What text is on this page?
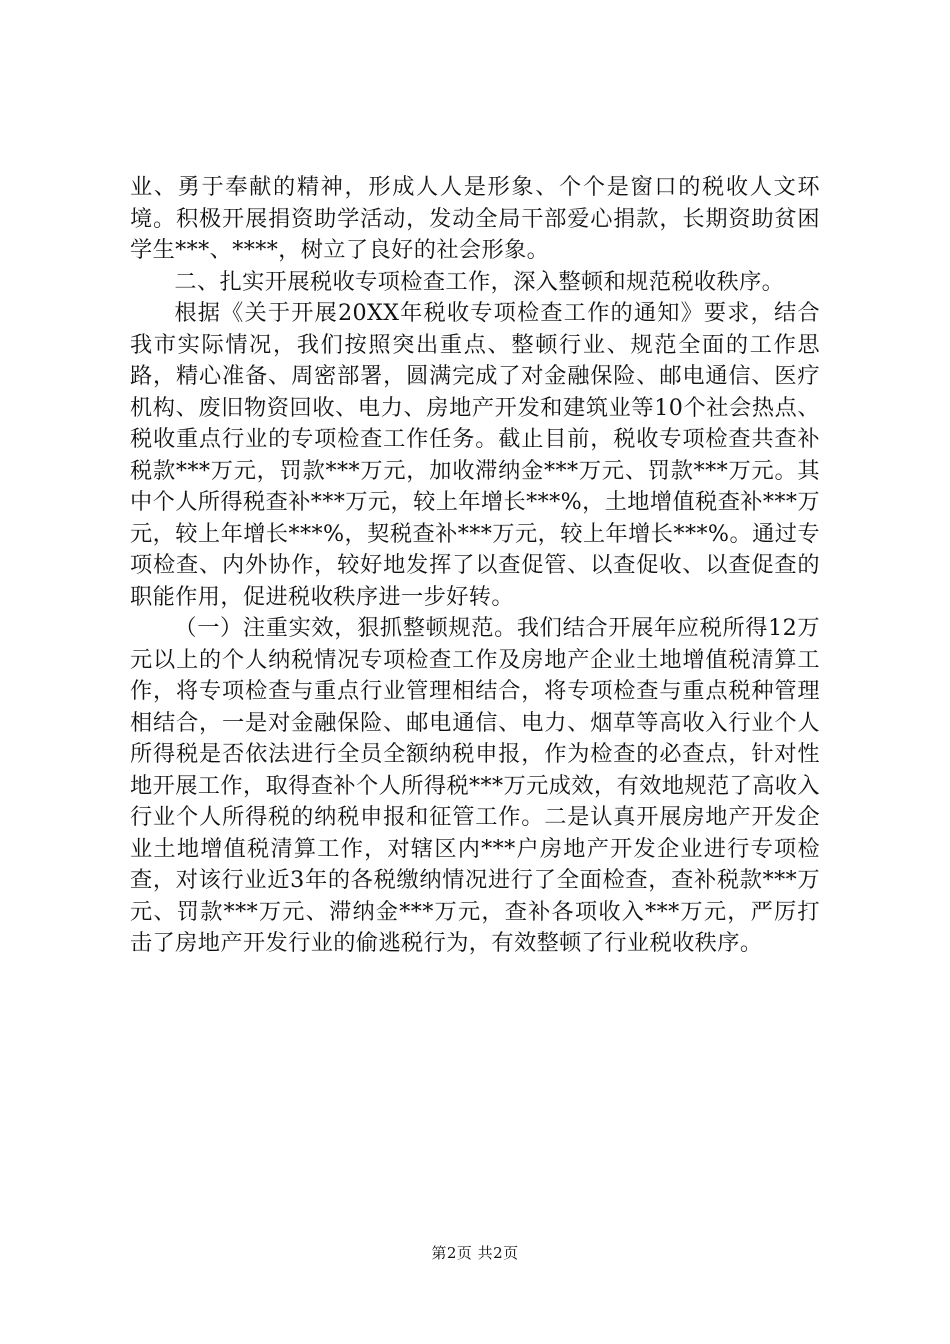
业、勇于奉献的精神，形成人人是形象、个个是窗口的税收人文环境。积极开展捐资助学活动，发动全局干部爱心捐款，长期资助贫困学生***、****，树立了良好的社会形象。

二、扎实开展税收专项检查工作，深入整顿和规范税收秩序。

根据《关于开展20XX年税收专项检查工作的通知》要求，结合我市实际情况，我们按照突出重点、整顿行业、规范全面的工作思路，精心准备、周密部署，圆满完成了对金融保险、邮电通信、医疗机构、废旧物资回收、电力、房地产开发和建筑业等10个社会热点、税收重点行业的专项检查工作任务。截止目前，税收专项检查共查补税款***万元，罚款***万元，加收滞纳金***万元、罚款***万元。其中个人所得税查补***万元，较上年增长***%，土地增值税查补***万元，较上年增长***%，契税查补***万元，较上年增长***%。通过专项检查、内外协作，较好地发挥了以查促管、以查促收、以查促查的职能作用，促进税收秩序进一步好转。

（一）注重实效，狠抓整顿规范。我们结合开展年应税所得12万元以上的个人纳税情况专项检查工作及房地产企业土地增值税清算工作，将专项检查与重点行业管理相结合，将专项检查与重点税种管理相结合，一是对金融保险、邮电通信、电力、烟草等高收入行业个人所得税是否依法进行全员全额纳税申报，作为检查的必查点，针对性地开展工作，取得查补个人所得税***万元成效，有效地规范了高收入行业个人所得税的纳税申报和征管工作。二是认真开展房地产开发企业土地增值税清算工作，对辖区内***户房地产开发企业进行专项检查，对该行业近3年的各税缴纳情况进行了全面检查，查补税款***万元、罚款***万元、滞纳金***万元，查补各项收入***万元，严厉打击了房地产开发行业的偷逃税行为，有效整顿了行业税收秩序。

第2页 共2页
